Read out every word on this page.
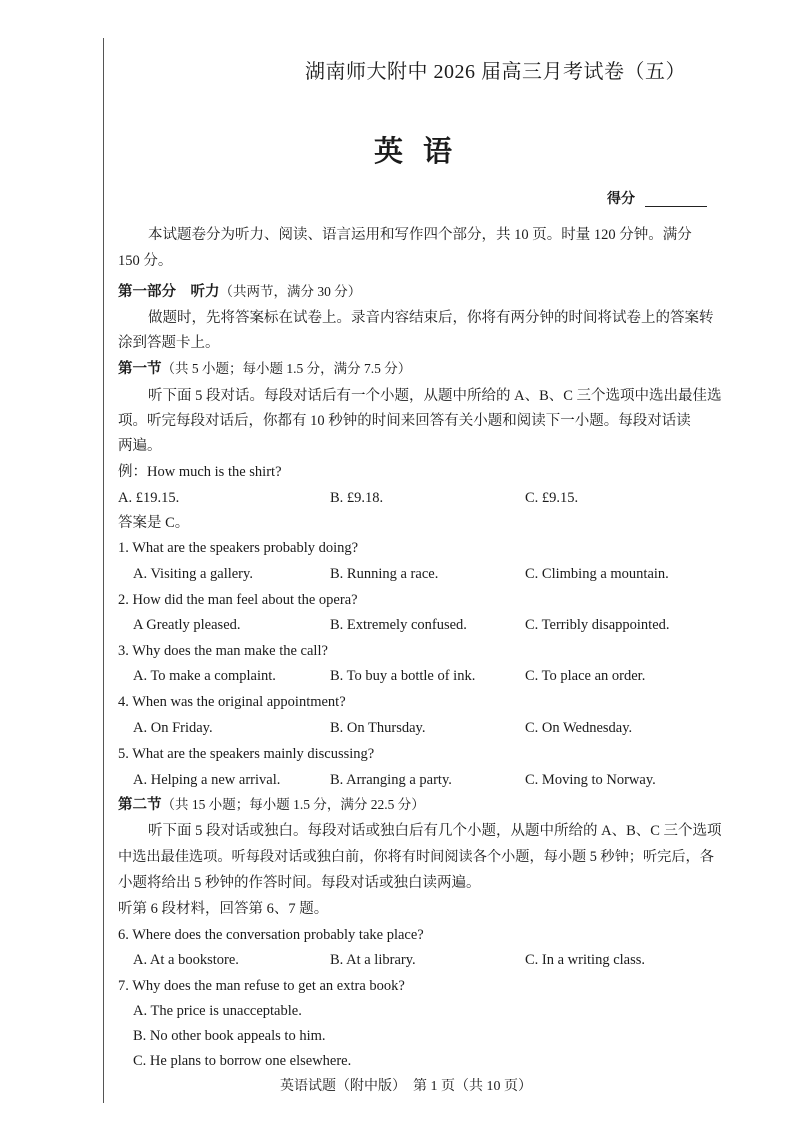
湖南师大附中 2026 届高三月考试卷（五）
英语
得分
本试题卷分为听力、阅读、语言运用和写作四个部分，共 10 页。时量 120 分钟。满分
150 分。
第一部分　听力（共两节，满分 30 分）
做题时，先将答案标在试卷上。录音内容结束后，你将有两分钟的时间将试卷上的答案转
涂到答题卡上。
第一节（共 5 小题；每小题 1.5 分，满分 7.5 分）
听下面 5 段对话。每段对话后有一个小题，从题中所给的 A、B、C 三个选项中选出最佳选
项。听完每段对话后，你都有 10 秒钟的时间来回答有关小题和阅读下一小题。每段对话读
两遍。
例：How much is the shirt?
A. £19.15.	B. £9.18.	C. £9.15.
答案是 C。
1. What are the speakers probably doing?
A. Visiting a gallery.	B. Running a race.	C. Climbing a mountain.
2. How did the man feel about the opera?
A Greatly pleased.	B. Extremely confused.	C. Terribly disappointed.
3. Why does the man make the call?
A. To make a complaint.	B. To buy a bottle of ink.	C. To place an order.
4. When was the original appointment?
A. On Friday.	B. On Thursday.	C. On Wednesday.
5. What are the speakers mainly discussing?
A. Helping a new arrival.	B. Arranging a party.	C. Moving to Norway.
第二节（共 15 小题；每小题 1.5 分，满分 22.5 分）
听下面 5 段对话或独白。每段对话或独白后有几个小题，从题中所给的 A、B、C 三个选项
中选出最佳选项。听每段对话或独白前，你将有时间阅读各个小题，每小题 5 秒钟；听完后，各
小题将给出 5 秒钟的作答时间。每段对话或独白读两遍。
听第 6 段材料，回答第 6、7 题。
6. Where does the conversation probably take place?
A. At a bookstore.	B. At a library.	C. In a writing class.
7. Why does the man refuse to get an extra book?
A. The price is unacceptable.
B. No other book appeals to him.
C. He plans to borrow one elsewhere.
英语试题（附中版）　第 1 页（共 10 页）
